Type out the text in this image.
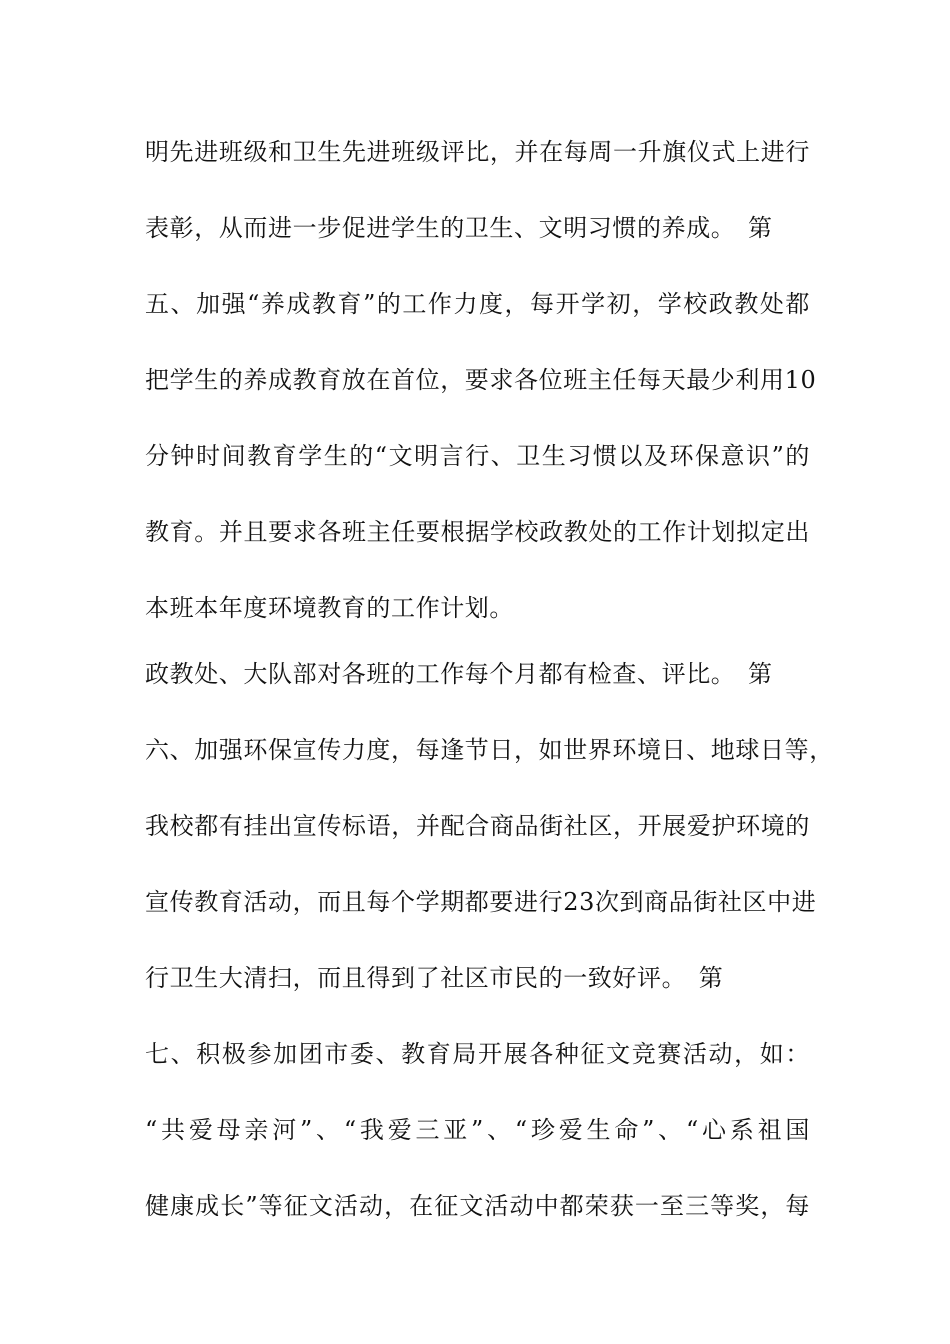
明先进班级和卫生先进班级评比，并在每周一升旗仪式上进行
表彰，从而进一步促进学生的卫生、文明习惯的养成。　第
五、加强“养成教育”的工作力度，每开学初，学校政教处都
把学生的养成教育放在首位，要求各位班主任每天最少利用10
分钟时间教育学生的“文明言行、卫生习惯以及环保意识”的
教育。并且要求各班主任要根据学校政教处的工作计划拟定出
本班本年度环境教育的工作计划。
政教处、大队部对各班的工作每个月都有检查、评比。　第
六、加强环保宣传力度，每逢节日，如世界环境日、地球日等，
我校都有挂出宣传标语，并配合商品街社区，开展爱护环境的
宣传教育活动，而且每个学期都要进行23次到商品街社区中进
行卫生大清扫，而且得到了社区市民的一致好评。　第
七、积极参加团市委、教育局开展各种征文竞赛活动，如：
“共爱母亲河”、“我爱三亚”、“珍爱生命”、“心系祖国
健康成长”等征文活动，在征文活动中都荣获一至三等奖，每
